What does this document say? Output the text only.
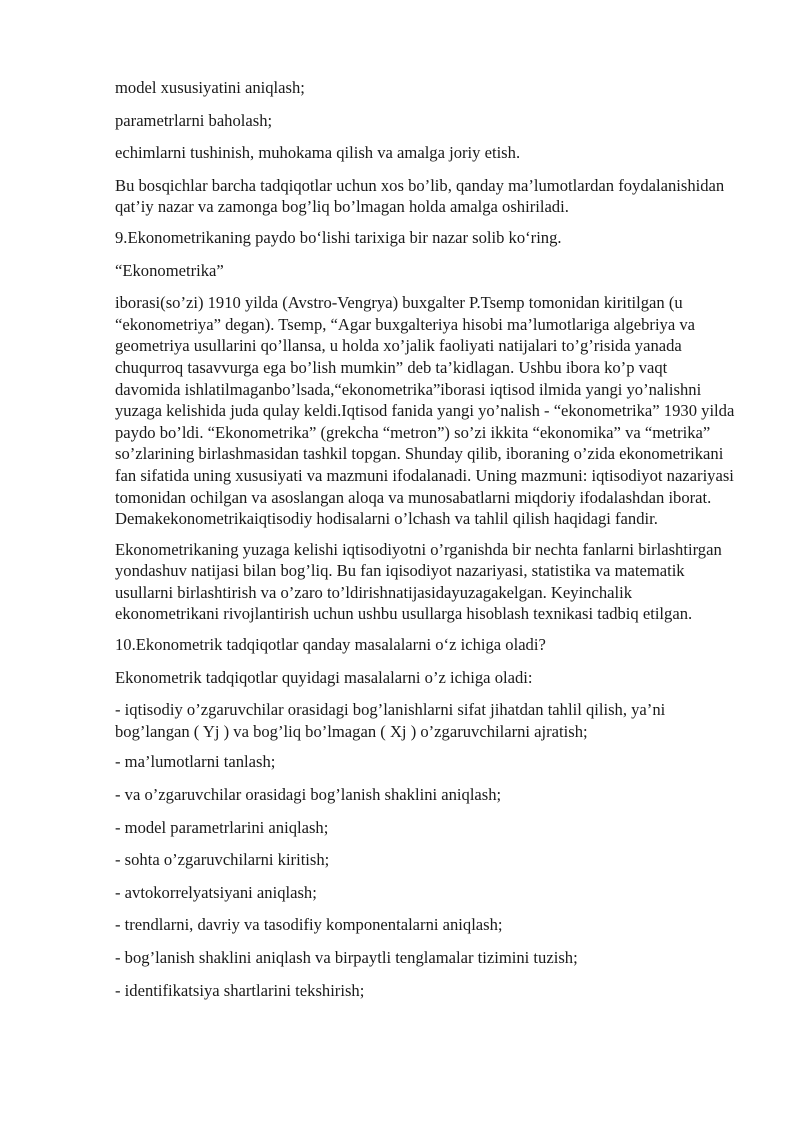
model xususiyatini aniqlash;

parametrlarni baholash;

echimlarni tushinish, muhokama qilish va amalga joriy etish.

Bu bosqichlar barcha tadqiqotlar uchun xos bo’lib, qanday ma’lumotlardan foydalanishidan qat’iy nazar va zamonga bog’liq bo’lmagan holda amalga oshiriladi.

9.Ekonometrikaning paydo bo‘lishi tarixiga bir nazar solib ko‘ring.

“Ekonometrika”

iborasi(so’zi) 1910 yilda (Avstro-Vengrya) buxgalter P.Tsemp tomonidan kiritilgan (u “ekonometriya” degan). Tsemp, “Agar buxgalteriya hisobi ma’lumotlariga algebriya va geometriya usullarini qo’llansa, u holda xo’jalik faoliyati natijalari to’g’risida yanada chuqurroq tasavvurga ega bo’lish mumkin” deb ta’kidlagan. Ushbu ibora ko’p vaqt davomida ishlatilmaganbo’lsada,“ekonometrika”iborasi iqtisod ilmida yangi yo’nalishni yuzaga kelishida juda qulay keldi.Iqtisod fanida yangi yo’nalish - “ekonometrika” 1930 yilda paydo bo’ldi. “Ekonometrika” (grekcha “metron”) so’zi ikkita “ekonomika” va “metrika” so’zlarining birlashmasidan tashkil topgan. Shunday qilib, iboraning o’zida ekonometrikani fan sifatida uning xususiyati va mazmuni ifodalanadi. Uning mazmuni: iqtisodiyot nazariyasi tomonidan ochilgan va asoslangan aloqa va munosabatlarni miqdoriy ifodalashdan iborat. Demakekonometrikaiqtisodiy hodisalarni o’lchash va tahlil qilish haqidagi fandir.

Ekonometrikaning yuzaga kelishi iqtisodiyotni o’rganishda bir nechta fanlarni birlashtirgan yondashuv natijasi bilan bog’liq. Bu fan iqisodiyot nazariyasi, statistika va matematik usullarni birlashtirish va o’zaro to’ldirishnatijasidayuzagakelgan. Keyinchalik ekonometrikani rivojlantirish uchun ushbu usullarga hisoblash texnikasi tadbiq etilgan.

10.Ekonometrik tadqiqotlar qanday masalalarni o‘z ichiga oladi?

Ekonometrik tadqiqotlar quyidagi masalalarni o’z ichiga oladi:

- iqtisodiy o’zgaruvchilar orasidagi bog’lanishlarni sifat jihatdan tahlil qilish, ya’ni bog’langan ( Yj ) va bog’liq bo’lmagan ( Xj ) o’zgaruvchilarni ajratish;

- ma’lumotlarni tanlash;

- va o’zgaruvchilar orasidagi bog’lanish shaklini aniqlash;

- model parametrlarini aniqlash;

- sohta o’zgaruvchilarni kiritish;

- avtokorrelyatsiyani aniqlash;

- trendlarni, davriy va tasodifiy komponentalarni aniqlash;

- bog’lanish shaklini aniqlash va birpaytli tenglamalar tizimini tuzish;

- identifikatsiya shartlarini tekshirish;
